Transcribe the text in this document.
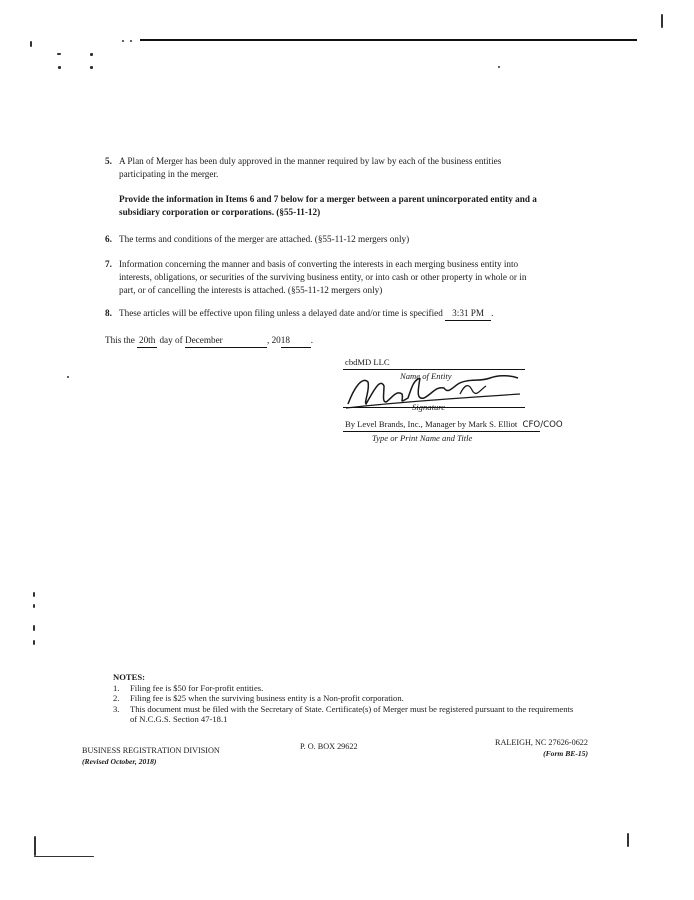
5. A Plan of Merger has been duly approved in the manner required by law by each of the business entities participating in the merger.
Provide the information in Items 6 and 7 below for a merger between a parent unincorporated entity and a subsidiary corporation or corporations. (§55-11-12)
6. The terms and conditions of the merger are attached. (§55-11-12 mergers only)
7. Information concerning the manner and basis of converting the interests in each merging business entity into interests, obligations, or securities of the surviving business entity, or into cash or other property in whole or in part, or of cancelling the interests is attached. (§55-11-12 mergers only)
8. These articles will be effective upon filing unless a delayed date and/or time is specified 3:31 PM .
This the 20th day of December	, 2018 .
cbdMD LLC
Name of Entity
Signature
By Level Brands, Inc., Manager by Mark S. Elliot CFO/COO
Type or Print Name and Title
NOTES:
1. Filing fee is $50 for For-profit entities.
2. Filing fee is $25 when the surviving business entity is a Non-profit corporation.
3. This document must be filed with the Secretary of State. Certificate(s) of Merger must be registered pursuant to the requirements of N.C.G.S. Section 47-18.1
BUSINESS REGISTRATION DIVISION
(Revised October, 2018)
P. O. BOX 29622	RALEIGH, NC 27626-0622
(Form BE-15)
